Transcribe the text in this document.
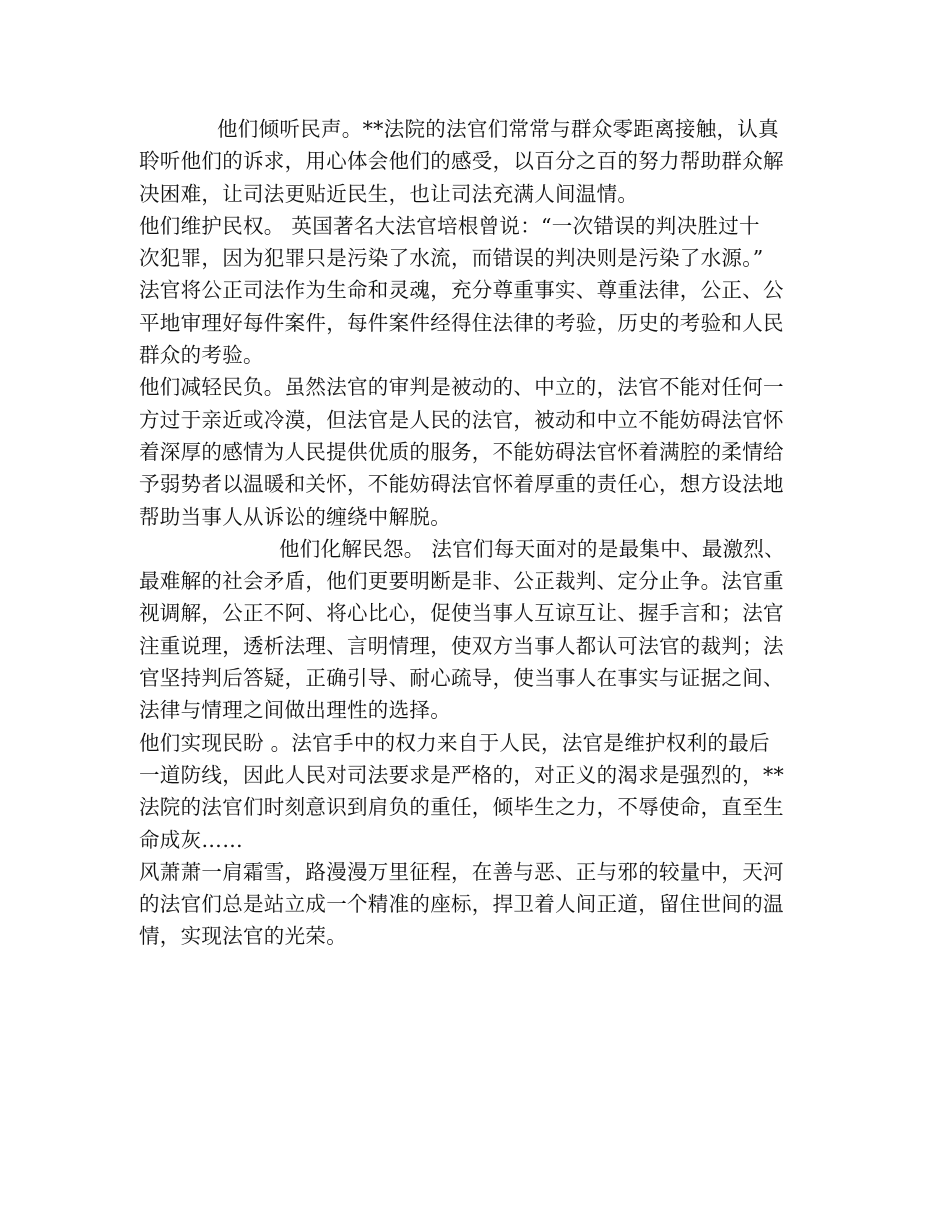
他们倾听民声。**法院的法官们常常与群众零距离接触，认真
聆听他们的诉求，用心体会他们的感受，以百分之百的努力帮助群众解
决困难，让司法更贴近民生，也让司法充满人间温情。
他们维护民权。 英国著名大法官培根曾说：“一次错误的判决胜过十
次犯罪，因为犯罪只是污染了水流，而错误的判决则是污染了水源。”
法官将公正司法作为生命和灵魂，充分尊重事实、尊重法律，公正、公
平地审理好每件案件，每件案件经得住法律的考验，历史的考验和人民
群众的考验。
他们减轻民负。虽然法官的审判是被动的、中立的，法官不能对任何一
方过于亲近或冷漠，但法官是人民的法官，被动和中立不能妨碍法官怀
着深厚的感情为人民提供优质的服务，不能妨碍法官怀着满腔的柔情给
予弱势者以温暖和关怀，不能妨碍法官怀着厚重的责任心，想方设法地
帮助当事人从诉讼的缠绕中解脱。
他们化解民怨。 法官们每天面对的是最集中、最激烈、
最难解的社会矛盾，他们更要明断是非、公正裁判、定分止争。法官重
视调解，公正不阿、将心比心，促使当事人互谅互让、握手言和；法官
注重说理，透析法理、言明情理，使双方当事人都认可法官的裁判；法
官坚持判后答疑，正确引导、耐心疏导，使当事人在事实与证据之间、
法律与情理之间做出理性的选择。
他们实现民盼 。法官手中的权力来自于人民，法官是维护权利的最后
一道防线，因此人民对司法要求是严格的，对正义的渴求是强烈的，**
法院的法官们时刻意识到肩负的重任，倾毕生之力，不辱使命，直至生
命成灰……
风萧萧一肩霜雪，路漫漫万里征程，在善与恶、正与邪的较量中，天河
的法官们总是站立成一个精准的座标，捍卫着人间正道，留住世间的温
情，实现法官的光荣。
